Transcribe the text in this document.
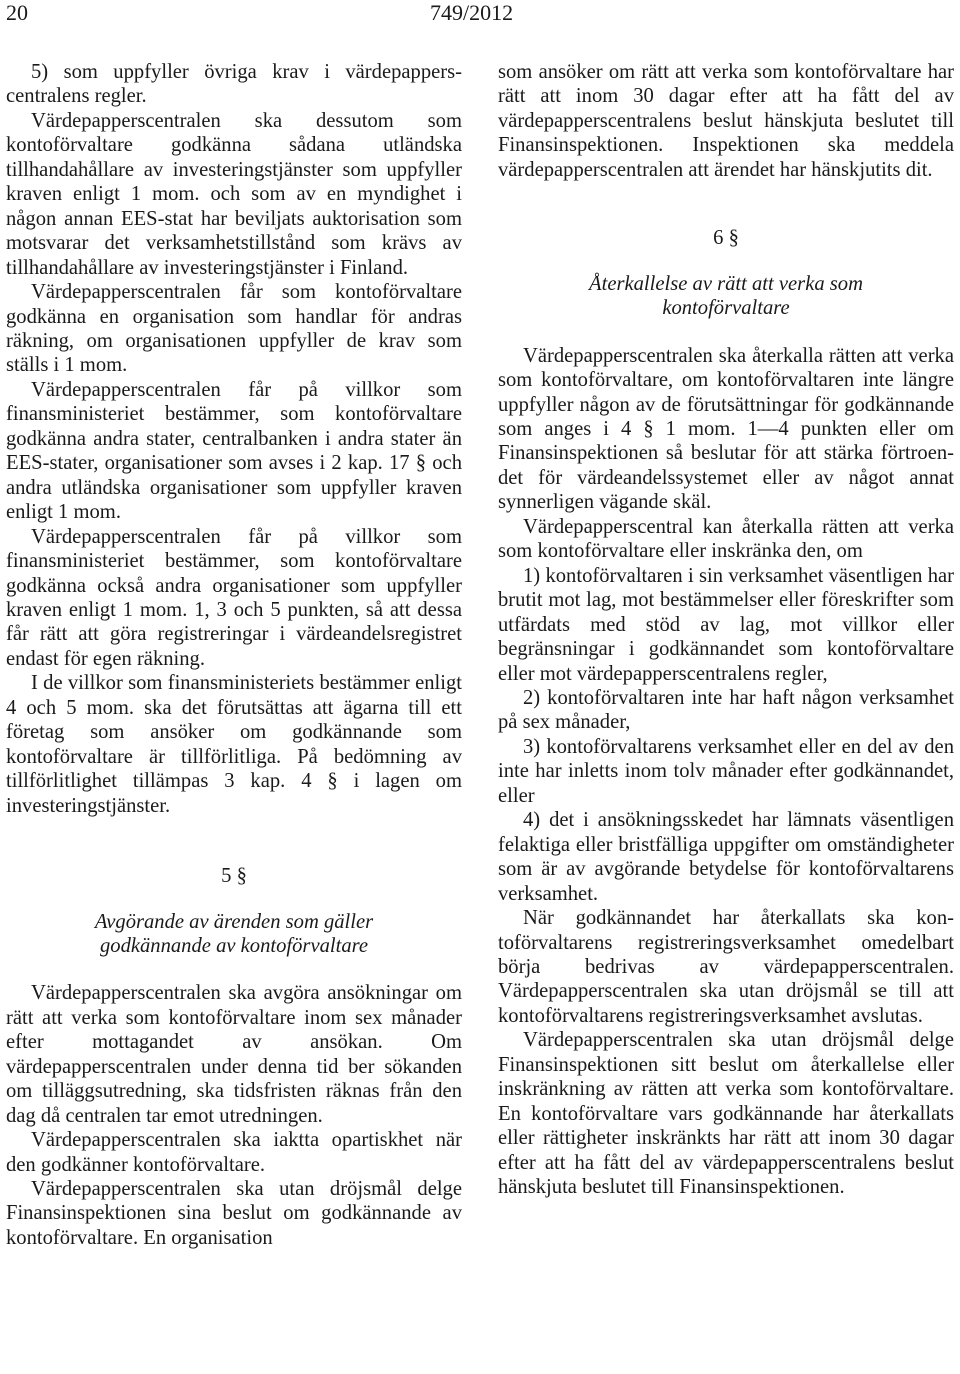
20	749/2012

5) som uppfyller övriga krav i värdepapperscentralens regler.

Värdepapperscentralen ska dessutom som kontoförvaltare godkänna sådana utländska tillhandahållare av investeringstjänster som uppfyller kraven enligt 1 mom. och som av en myndighet i någon annan EES-stat har beviljats auktorisation som motsvarar det verksamhetstillstånd som krävs av tillhandahållare av investeringstjänster i Finland.

Värdepapperscentralen får som kontoförvaltare godkänna en organisation som handlar för andras räkning, om organisationen uppfyller de krav som ställs i 1 mom.

Värdepapperscentralen får på villkor som finansministeriet bestämmer, som kontoförvaltare godkänna andra stater, centralbanken i andra stater än EES-stater, organisationer som avses i 2 kap. 17 § och andra utländska organisationer som uppfyller kraven enligt 1 mom.

Värdepapperscentralen får på villkor som finansministeriet bestämmer, som kontoförvaltare godkänna också andra organisationer som uppfyller kraven enligt 1 mom. 1, 3 och 5 punkten, så att dessa får rätt att göra registreringar i värdeandelsregistret endast för egen räkning.

I de villkor som finansministeriets bestämmer enligt 4 och 5 mom. ska det förutsättas att ägarna till ett företag som ansöker om godkännande som kontoförvaltare är tillförlitliga. På bedömning av tillförlitlighet tillämpas 3 kap. 4 § i lagen om investeringstjänster.

5 §
Avgörande av ärenden som gäller
godkännande av kontoförvaltare

Värdepapperscentralen ska avgöra ansökningar om rätt att verka som kontoförvaltare inom sex månader efter mottagandet av ansökan. Om värdepapperscentralen under denna tid ber sökanden om tilläggsutredning, ska tidsfristen räknas från den dag då centralen tar emot utredningen.

Värdepapperscentralen ska iaktta opartiskhet när den godkänner kontoförvaltare.

Värdepapperscentralen ska utan dröjsmål delge Finansinspektionen sina beslut om godkännande av kontoförvaltare. En organisation

som ansöker om rätt att verka som kontoförvaltare har rätt att inom 30 dagar efter att ha fått del av värdepapperscentralens beslut hänskjuta beslutet till Finansinspektionen. Inspektionen ska meddela värdepapperscentralen att ärendet har hänskjutits dit.

6 §
Återkallelse av rätt att verka som
kontoförvaltare

Värdepapperscentralen ska återkalla rätten att verka som kontoförvaltare, om kontoförvaltaren inte längre uppfyller någon av de förutsättningar för godkännande som anges i 4 § 1 mom. 1—4 punkten eller om Finansinspektionen så beslutar för att stärka förtroendet för värdeandelssystemet eller av något annat synnerligen vägande skäl.

Värdepapperscentral kan återkalla rätten att verka som kontoförvaltare eller inskränka den, om

1) kontoförvaltaren i sin verksamhet väsentligen har brutit mot lag, mot bestämmelser eller föreskrifter som utfärdats med stöd av lag, mot villkor eller begränsningar i godkännandet som kontoförvaltare eller mot värdepapperscentralens regler,

2) kontoförvaltaren inte har haft någon verksamhet på sex månader,

3) kontoförvaltarens verksamhet eller en del av den inte har inletts inom tolv månader efter godkännandet, eller

4) det i ansökningsskedet har lämnats väsentligen felaktiga eller bristfälliga uppgifter om omständigheter som är av avgörande betydelse för kontoförvaltarens verksamhet.

När godkännandet har återkallats ska kontoförvaltarens registreringsverksamhet omedelbart börja bedrivas av värdepapperscentralen. Värdepapperscentralen ska utan dröjsmål se till att kontoförvaltarens registreringsverksamhet avslutas.

Värdepapperscentralen ska utan dröjsmål delge Finansinspektionen sitt beslut om återkallelse eller inskränkning av rätten att verka som kontoförvaltare. En kontoförvaltare vars godkännande har återkallats eller rättigheter inskränkts har rätt att inom 30 dagar efter att ha fått del av värdepapperscentralens beslut hänskjuta beslutet till Finansinspektionen.
